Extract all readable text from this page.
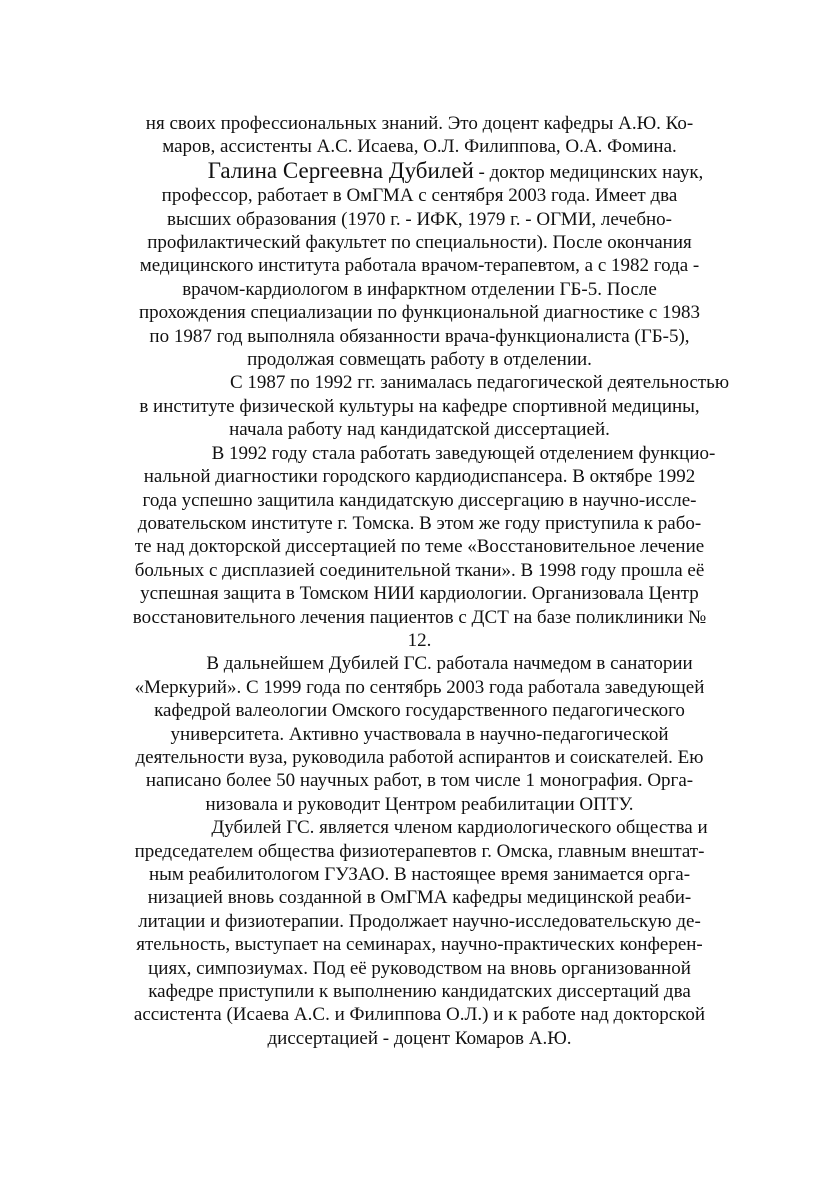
ня своих профессиональных знаний. Это доцент кафедры А.Ю. Ко-

маров, ассистенты А.С. Исаева, О.Л. Филиппова, О.А. Фомина.

Галина Сергеевна Дубилей - доктор медицинских наук,

профессор, работает в ОмГМА с сентября 2003 года. Имеет два

высших образования (1970 г. - ИФК, 1979 г. - ОГМИ, лечебно-

профилактический факультет по специальности). После окончания

медицинского института работала врачом-терапевтом, а с 1982 года -

врачом-кардиологом в инфарктном отделении ГБ-5. После

прохождения специализации по функциональной диагностике с 1983

по 1987 год выполняла обязанности врача-функционалиста (ГБ-5),

продолжая совмещать работу в отделении.

С 1987 по 1992 гг. занималась педагогической деятельностью

в институте физической культуры на кафедре спортивной медицины,

начала работу над кандидатской диссертацией.

В 1992 году стала работать заведующей отделением функцио-

нальной диагностики городского кардиодиспансера. В октябре 1992

года успешно защитила кандидатскую диссергацию в научно-иссле-

довательском институте г. Томска. В этом же году приступила к рабо-

те над докторской диссертацией по теме «Восстановительное лечение

больных с дисплазией соединительной ткани». В 1998 году прошла её

успешная защита в Томском НИИ кардиологии. Организовала Центр

восстановительного лечения пациентов с ДСТ на базе поликлиники №

12.

В дальнейшем Дубилей ГС. работала начмедом в санатории

«Меркурий». С 1999 года по сентябрь 2003 года работала заведующей

кафедрой валеологии Омского государственного педагогического

университета. Активно участвовала в научно-педагогической

деятельности вуза, руководила работой аспирантов и соискателей. Ею

написано более 50 научных работ, в том числе 1 монография. Орга-

низовала и руководит Центром реабилитации ОПТУ.

Дубилей ГС. является членом кардиологического общества и

председателем общества физиотерапевтов г. Омска, главным внештат-

ным реабилитологом ГУЗАО. В настоящее время занимается орга-

низацией вновь созданной в ОмГМА кафедры медицинской реаби-

литации и физиотерапии. Продолжает научно-исследовательскую де-

ятельность, выступает на семинарах, научно-практических конферен-

циях, симпозиумах. Под её руководством на вновь организованной

кафедре приступили к выполнению кандидатских диссертаций два

ассистента (Исаева А.С. и Филиппова О.Л.) и к работе над докторской

диссертацией - доцент Комаров А.Ю.
